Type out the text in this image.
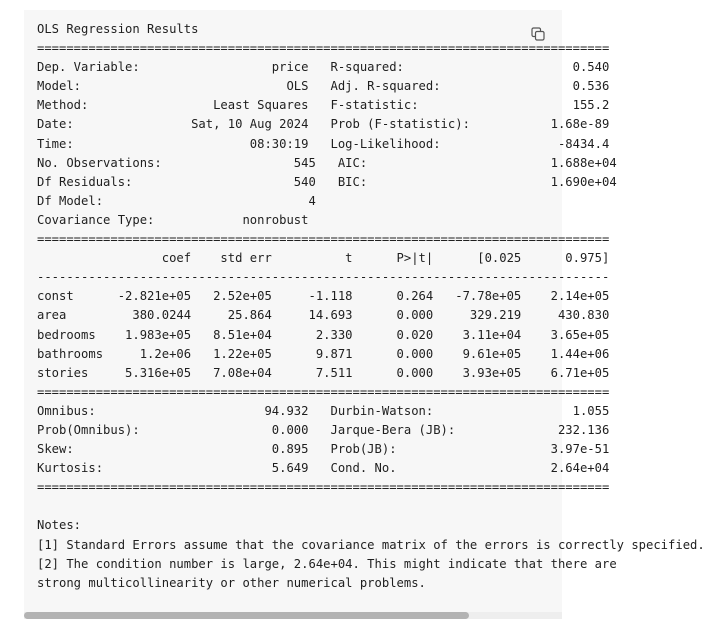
OLS Regression Results
==============================================================================
Dep. Variable:                  price   R-squared:                       0.540
Model:                            OLS   Adj. R-squared:                  0.536
Method:                 Least Squares   F-statistic:                     155.2
Date:                Sat, 10 Aug 2024   Prob (F-statistic):           1.68e-89
Time:                        08:30:19   Log-Likelihood:                -8434.4
No. Observations:                  545   AIC:                         1.688e+04
Df Residuals:                      540   BIC:                         1.690e+04
Df Model:                            4
Covariance Type:            nonrobust
==============================================================================
coef    std err          t      P>|t|      [0.025      0.975]
------------------------------------------------------------------------------
const      -2.821e+05   2.52e+05     -1.118      0.264   -7.78e+05    2.14e+05
area         380.0244     25.864     14.693      0.000     329.219     430.830
bedrooms    1.983e+05   8.51e+04      2.330      0.020    3.11e+04    3.65e+05
bathrooms     1.2e+06   1.22e+05      9.871      0.000    9.61e+05    1.44e+06
stories     5.316e+05   7.08e+04      7.511      0.000    3.93e+05    6.71e+05
==============================================================================
Omnibus:                       94.932   Durbin-Watson:                   1.055
Prob(Omnibus):                  0.000   Jarque-Bera (JB):              232.136
Skew:                           0.895   Prob(JB):                     3.97e-51
Kurtosis:                       5.649   Cond. No.                     2.64e+04
==============================================================================
Notes:
[1] Standard Errors assume that the covariance matrix of the errors is correctly specified.
[2] The condition number is large, 2.64e+04. This might indicate that there are
strong multicollinearity or other numerical problems.
